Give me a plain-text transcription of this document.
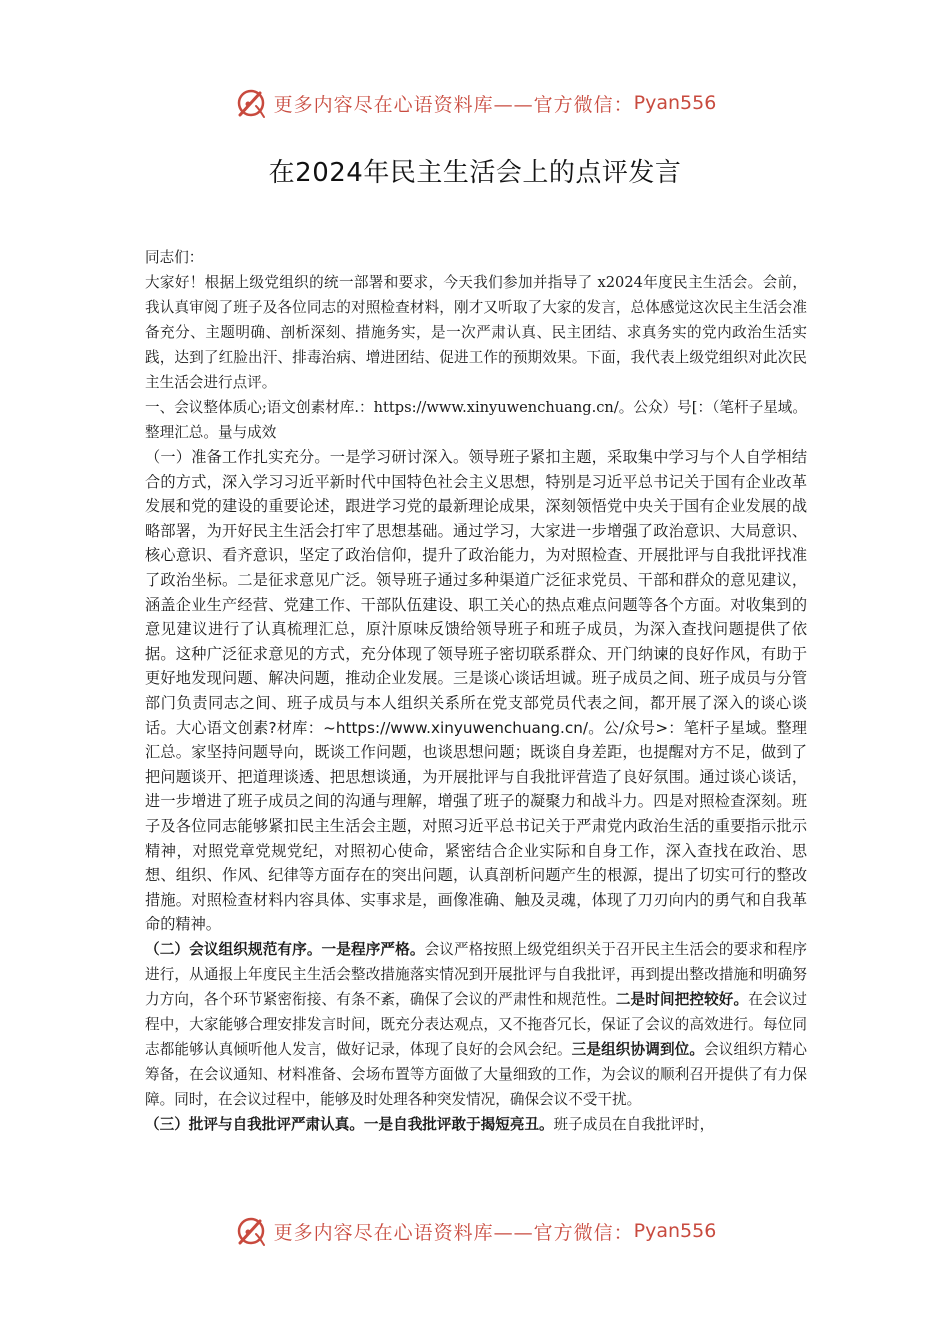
更多内容尽在心语资料库——官方微信： Pyan556
在2024年民主生活会上的点评发言

同志们：

大家好！根据上级党组织的统一部署和要求，今天我们参加并指导了 x2024年度民主生活会。会前，我认真审阅了班子及各位同志的对照检查材料，刚才又听取了大家的发言，总体感觉这次民主生活会准备充分、主题明确、剖析深刻、措施务实，是一次严肃认真、民主团结、求真务实的党内政治生活实践，达到了红脸出汗、排毒治病、增进团结、促进工作的预期效果。下面，我代表上级党组织对此次民主生活会进行点评。

一、会议整体质心;语文创素材库.：https://www.xinyuwenchuang.cn/。公众）号[：（笔杆子星域。整理汇总。量与成效

（一）准备工作扎实充分。一是学习研讨深入。领导班子紧扣主题，采取集中学习与个人自学相结合的方式，深入学习习近平新时代中国特色社会主义思想，特别是习近平总书记关于国有企业改革发展和党的建设的重要论述，跟进学习党的最新理论成果，深刻领悟党中央关于国有企业发展的战略部署，为开好民主生活会打牢了思想基础。通过学习，大家进一步增强了政治意识、大局意识、核心意识、看齐意识，坚定了政治信仰，提升了政治能力，为对照检查、开展批评与自我批评找准了政治坐标。二是征求意见广泛。领导班子通过多种渠道广泛征求党员、干部和群众的意见建议，涵盖企业生产经营、党建工作、干部队伍建设、职工关心的热点难点问题等各个方面。对收集到的意见建议进行了认真梳理汇总，原汁原味反馈给领导班子和班子成员，为深入查找问题提供了依据。这种广泛征求意见的方式，充分体现了领导班子密切联系群众、开门纳谏的良好作风，有助于更好地发现问题、解决问题，推动企业发展。三是谈心谈话坦诚。班子成员之间、班子成员与分管部门负责同志之间、班子成员与本人组织关系所在党支部党员代表之间，都开展了深入的谈心谈话。大心语文创素?材库：~https://www.xinyuwenchuang.cn/。公/众号>：笔杆子星域。整理汇总。家坚持问题导向，既谈工作问题，也谈思想问题；既谈自身差距，也提醒对方不足，做到了把问题谈开、把道理谈透、把思想谈通，为开展批评与自我批评营造了良好氛围。通过谈心谈话，进一步增进了班子成员之间的沟通与理解，增强了班子的凝聚力和战斗力。四是对照检查深刻。班子及各位同志能够紧扣民主生活会主题，对照习近平总书记关于严肃党内政治生活的重要指示批示精神，对照党章党规党纪，对照初心使命，紧密结合企业实际和自身工作，深入查找在政治、思想、组织、作风、纪律等方面存在的突出问题，认真剖析问题产生的根源，提出了切实可行的整改措施。对照检查材料内容具体、实事求是，画像准确、触及灵魂，体现了刀刃向内的勇气和自我革命的精神。

（二）会议组织规范有序。一是程序严格。会议严格按照上级党组织关于召开民主生活会的要求和程序进行，从通报上年度民主生活会整改措施落实情况到开展批评与自我批评，再到提出整改措施和明确努力方向，各个环节紧密衔接、有条不紊，确保了会议的严肃性和规范性。二是时间把控较好。在会议过程中，大家能够合理安排发言时间，既充分表达观点，又不拖沓冗长，保证了会议的高效进行。每位同志都能够认真倾听他人发言，做好记录，体现了良好的会风会纪。三是组织协调到位。会议组织方精心筹备，在会议通知、材料准备、会场布置等方面做了大量细致的工作，为会议的顺利召开提供了有力保障。同时，在会议过程中，能够及时处理各种突发情况，确保会议不受干扰。

（三）批评与自我批评严肃认真。一是自我批评敢于揭短亮丑。班子成员在自我批评时，

更多内容尽在心语资料库——官方微信： Pyan556
